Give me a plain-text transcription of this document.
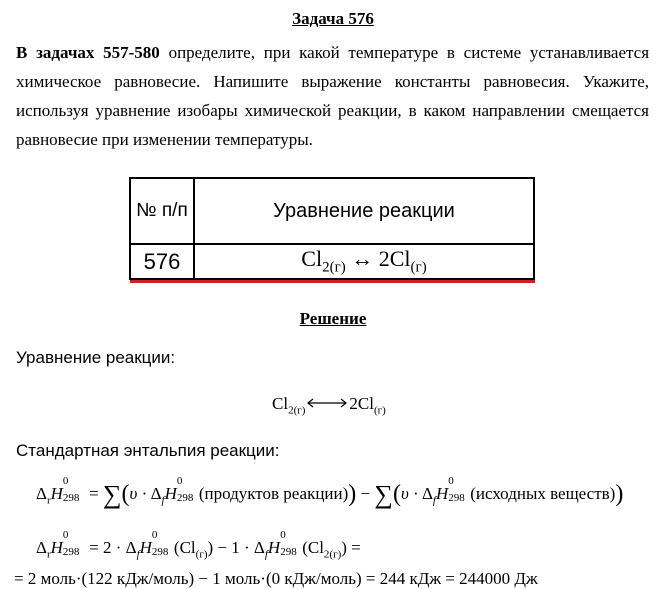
Задача 576
В задачах 557-580 определите, при какой температуре в системе устанавливается химическое равновесие. Напишите выражение константы равновесия. Укажите, используя уравнение изобары химической реакции, в каком направлении смещается равновесие при изменении температуры.
№ п/п	Уравнение реакции
576	$Cl_{2(г)}$ ↔ $2Cl_{(г)}$
Решение
Уравнение реакции:
$Cl_{2(г)}$	$2Cl_{(г)}$
Стандартная энтальпия реакции:
$\Delta_rH$
0
$298 = \sum(\upsilon \cdot \Delta_fH$
0
298 (продуктов реакции)) − $\sum(\upsilon \cdot \Delta_fH$
0
298 (исходных веществ))
$\Delta_rH$
0
$298 = 2 \cdot \Delta_fH$
0
298 $(Cl_{(г)}) - 1 \cdot \Delta_fH$
0
298 $(Cl_{2(г)})$ =
= 2 моль·(122 кДж/моль) − 1 моль·(0 кДж/моль) = 244 кДж = 244000 Дж
